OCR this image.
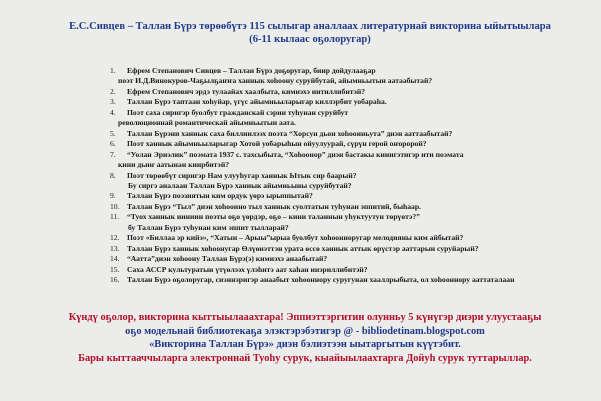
Е.С.Сивцев – Таллан Бүрэ төрөөбүтэ 115 сылыгар аналлаах литературнай викторина ыйытыылара
(6-11 кылаас оҕолоругар)
1. Ефрем Степанович Сивцев – Таллан Бүрэ доҕоругар, биир дойдулааҕар
поэт И.Д.Винокуров-Чаҕылҕаҥҥа ханнык хоһоону суруйбутай, айымньытын аатаабытай?
2. Ефрем Степанович эрдэ тулаайах хаалбыта, кимиэхэ иитиллибитэй?
3. Таллан Бүрэ таптаан хоһуйар, үгүс айымньыларыгар киллэрбит уобараһа.
4. Поэт саха сиригэр буолбут гражданскай сэрии туһунан суруйбут
революционнай романтическай айымньытын аата.
5. Таллан Бүрэни ханнык саха биллиилээх поэта “Хорсун дьон хоһоонньута” диэн ааттаабытай?
6. Поэт ханнык айымньыларыгар Хотой уобарыһын ойуулуурай, сүрүн герой оҥоророй?
7. “Уолан Эриэлик” поэмата 1937 с. тахсыбыта, “Хоһоонор” диэн бастакы кинигэтигэр ити поэмата
кини дьиҥ аатынан киирбитэй?
8. Поэт төрөөбүт сиригэр Нам улууһугар ханнык Ытык сир баарый?
Бу сиргэ аналаан Таллан Бүрэ ханнык айымньыны суруйбутай?
9. Таллан Бүрэ поэзиятын ким ордук үөрэ ырыппытай?
10. Таллан Бүрэ “Тыл” диэн хоһоонно тыл ханнык суолтатын туһунан эппитий, быһаар.
11. “Туох ханнык ииниин поэты оҕо үөрдэр, оҕо – кини таланнын уһуктуутун төрүөтэ?”
бу Таллан Бүрэ туһунан ким эппит тылларай?
12. Поэт «Биллаа эр кийэ», “Хатын – Арыы”ырыа буолбут хоһоонноругар мелодияны ким айбытай?
13. Таллан Бүрэ ханнык хоһоонугар Өлүөнэттэн урата өссө ханнык аттык өрүстэр ааттарын суруйарый?
14. “Аатта”диэн хоһоону Таллан Бүрэ(э) кимиэхэ анаабытай?
15. Саха АССР культуратын үтүөлээх үлэһитэ аат хаһан ииэриллибитэй?
16. Таллан Бүрэ оҕолоругар, сиэннэригэр анаабыт хоһооннору суругунан хааллрыбыта, ол хоһооннору ааттаталаан
Күндү оҕолор, викторина кыттыылааахтара! Эппиэттэргитин олунньу 5 күнүгэр диэри улуустааҕы
оҕо модельнай библиотекаҕа элэктэрэбэтигэр @ - bibliodetinam.blogspot.com
«Викторина Таллан Бүрэ» диэн бэлиэтээн ыытаргытын күүтэбит.
Бары кыттааччыларга электроннай Туоһу сурук, кыайыылаахтарга Дойуһ сурук туттарыллар.
